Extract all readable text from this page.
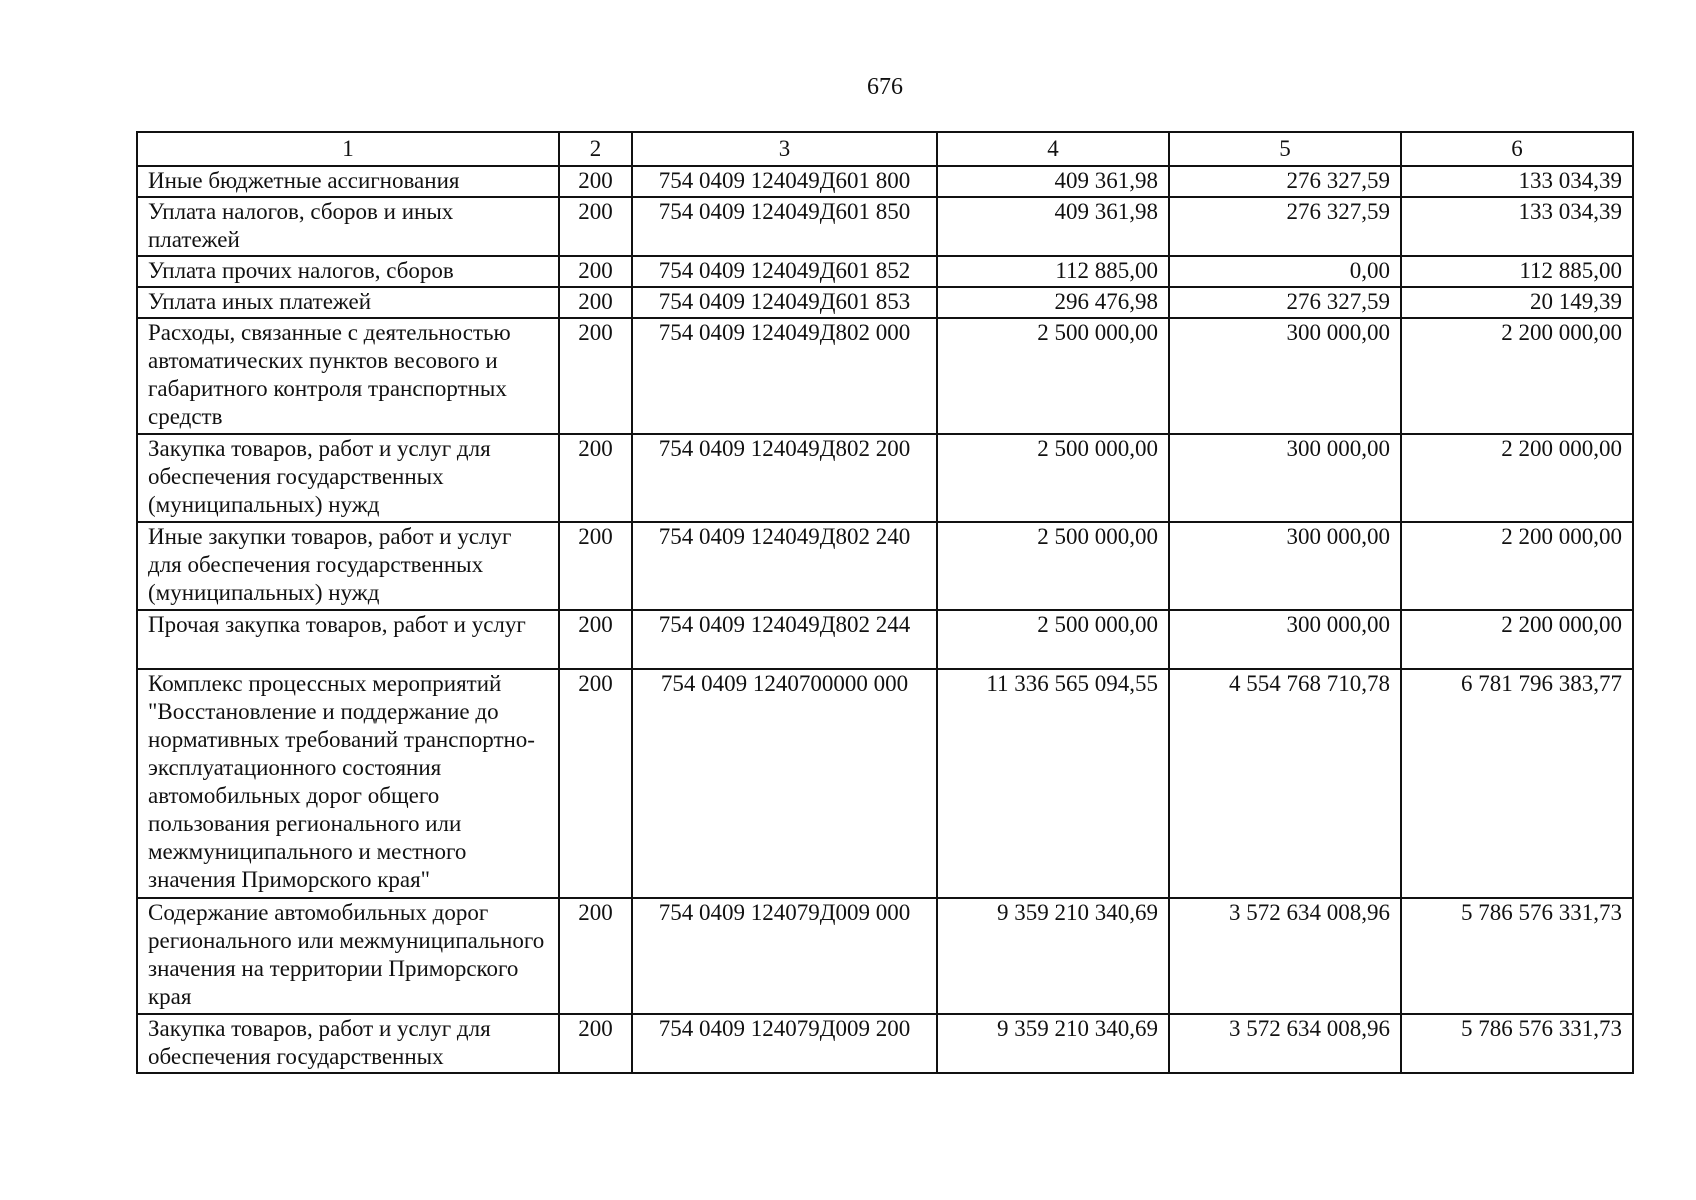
676
1	2	3	4	5	6
Иные бюджетные ассигнования	200	754 0409 124049Д601 800	409 361,98	276 327,59	133 034,39
Уплата налогов, сборов и иных платежей	200	754 0409 124049Д601 850	409 361,98	276 327,59	133 034,39
Уплата прочих налогов, сборов	200	754 0409 124049Д601 852	112 885,00	0,00	112 885,00
Уплата иных платежей	200	754 0409 124049Д601 853	296 476,98	276 327,59	20 149,39
Расходы, связанные с деятельностью автоматических пунктов весового и габаритного контроля транспортных средств	200	754 0409 124049Д802 000	2 500 000,00	300 000,00	2 200 000,00
Закупка товаров, работ и услуг для обеспечения государственных (муниципальных) нужд	200	754 0409 124049Д802 200	2 500 000,00	300 000,00	2 200 000,00
Иные закупки товаров, работ и услуг для обеспечения государственных (муниципальных) нужд	200	754 0409 124049Д802 240	2 500 000,00	300 000,00	2 200 000,00
Прочая закупка товаров, работ и услуг	200	754 0409 124049Д802 244	2 500 000,00	300 000,00	2 200 000,00
Комплекс процессных мероприятий "Восстановление и поддержание до нормативных требований транспортно-эксплуатационного состояния автомобильных дорог общего пользования регионального или межмуниципального и местного значения Приморского края"	200	754 0409 1240700000 000	11 336 565 094,55	4 554 768 710,78	6 781 796 383,77
Содержание автомобильных дорог регионального или межмуниципального значения на территории Приморского края	200	754 0409 124079Д009 000	9 359 210 340,69	3 572 634 008,96	5 786 576 331,73
Закупка товаров, работ и услуг для обеспечения государственных	200	754 0409 124079Д009 200	9 359 210 340,69	3 572 634 008,96	5 786 576 331,73
